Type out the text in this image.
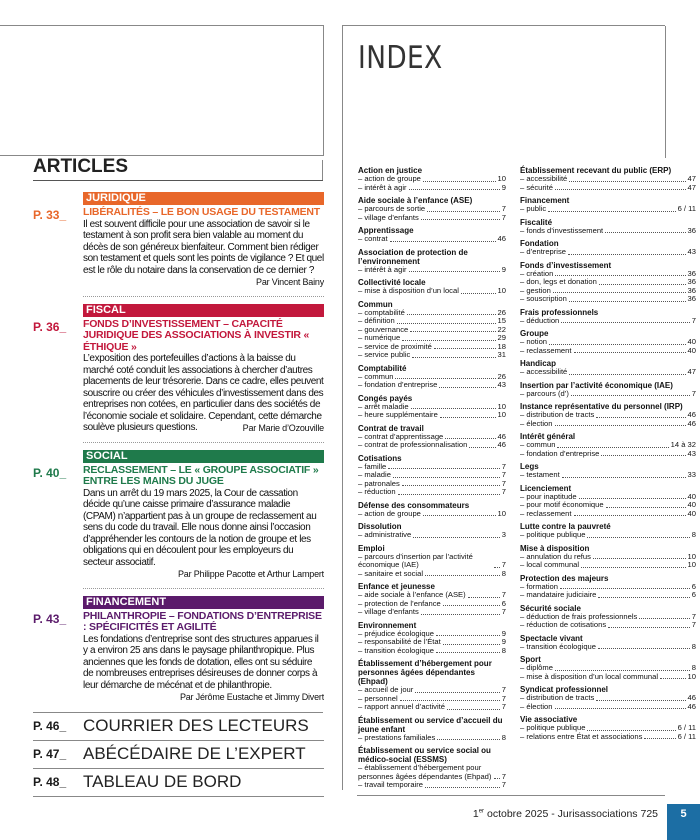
INDEX
ARTICLES
JURIDIQUE
P. 33_ LIBÉRALITÉS – LE BON USAGE DU TESTAMENT
Il est souvent difficile pour une association de savoir si le testament à son profit sera bien valable au moment du décès de son généreux bienfaiteur. Comment bien rédiger son testament et quels sont les points de vigilance ? Et quel est le rôle du notaire dans la conservation de ce dernier ?
Par Vincent Bainy
FISCAL
P. 36_ FONDS D’INVESTISSEMENT – CAPACITÉ JURIDIQUE DES ASSOCIATIONS À INVESTIR « ÉTHIQUE »
L’exposition des portefeuilles d’actions à la baisse du marché coté conduit les associations à chercher d’autres placements de leur trésorerie. Dans ce cadre, elles peuvent souscrire ou créer des véhicules d’investissement dans des entreprises non cotées, en particulier dans des sociétés de l’économie sociale et solidaire. Cependant, cette démarche soulève plusieurs questions.	Par Marie d’Ozouville
SOCIAL
P. 40_ RECLASSEMENT – LE « GROUPE ASSOCIATIF » ENTRE LES MAINS DU JUGE
Dans un arrêt du 19 mars 2025, la Cour de cassation décide qu’une caisse primaire d’assurance maladie (CPAM) n’appartient pas à un groupe de reclassement au sens du code du travail. Elle nous donne ainsi l’occasion d’appréhender les contours de la notion de groupe et les obligations qui en découlent pour les employeurs du secteur associatif.
Par Philippe Pacotte et Arthur Lampert
FINANCEMENT
P. 43_ PHILANTHROPIE – FONDATIONS D’ENTREPRISE : SPÉCIFICITÉS ET AGILITÉ
Les fondations d’entreprise sont des structures apparues il y a environ 25 ans dans le paysage philanthropique. Plus anciennes que les fonds de dotation, elles ont su séduire de nombreuses entreprises désireuses de donner corps à leur démarche de mécénat et de philanthropie.
Par Jérôme Eustache et Jimmy Divert
P. 46_ COURRIER DES LECTEURS
P. 47_ ABÉCÉDAIRE DE L’EXPERT
P. 48_ TABLEAU DE BORD
Action en justice
– action de groupe	10
– intérêt à agir	9
Aide sociale à l’enfance (ASE)
– parcours de sortie	7
– village d’enfants	7
Apprentissage
– contrat	46
Association de protection de l’environnement
– intérêt à agir	9
Collectivité locale
– mise à disposition d’un local	10
Commun
– comptabilité	26
– définition	15
– gouvernance	22
– numérique	29
– service de proximité	18
– service public	31
Comptabilité
– commun	26
– fondation d’entreprise	43
Congés payés
– arrêt maladie	10
– heure supplémentaire	10
Contrat de travail
– contrat d’apprentissage	46
– contrat de professionnalisation	46
Cotisations
– famille	7
– maladie	7
– patronales	7
– réduction	7
Défense des consommateurs
– action de groupe	10
Dissolution
– administrative	3
Emploi
– parcours d’insertion par l’activité économique (IAE)	7
– sanitaire et social	8
Enfance et jeunesse
– aide sociale à l’enfance (ASE)	7
– protection de l’enfance	6
– village d’enfants	7
Environnement
– préjudice écologique	9
– responsabilité de l’État	9
– transition écologique	8
Établissement d’hébergement pour personnes âgées dépendantes (Ehpad)
– accueil de jour	7
– personnel	7
– rapport annuel d’activité	7
Établissement ou service d’accueil du jeune enfant
– prestations familiales	8
Établissement ou service social ou médico-social (ESSMS)
– établissement d’hébergement pour personnes âgées dépendantes (Ehpad) 7
– travail temporaire	7
Établissement recevant du public (ERP)
– accessibilité	47
– sécurité	47
Financement
– public	6 / 11
Fiscalité
– fonds d’investissement	36
Fondation
– d’entreprise	43
Fonds d’investissement
– création	36
– don, legs et donation	36
– gestion	36
– souscription	36
Frais professionnels
– déduction	7
Groupe
– notion	40
– reclassement	40
Handicap
– accessibilité	47
Insertion par l’activité économique (IAE)
– parcours (d’)	7
Instance représentative du personnel (IRP)
– distribution de tracts	46
– élection	46
Intérêt général
– commun	14 à 32
– fondation d’entreprise	43
Legs
– testament	33
Licenciement
– pour inaptitude	40
– pour motif économique	40
– reclassement	40
Lutte contre la pauvreté
– politique publique	8
Mise à disposition
– annulation du refus	10
– local communal	10
Protection des majeurs
– formation	6
– mandataire judiciaire	6
Sécurité sociale
– déduction de frais professionnels	7
– réduction de cotisations	7
Spectacle vivant
– transition écologique	8
Sport
– diplôme	8
– mise à disposition d’un local communal	10
Syndicat professionnel
– distribution de tracts	46
– élection	46
Vie associative
– politique publique	6 / 11
– relations entre État et associations	6 / 11
1er octobre 2025 - Jurisassociations 725	5
